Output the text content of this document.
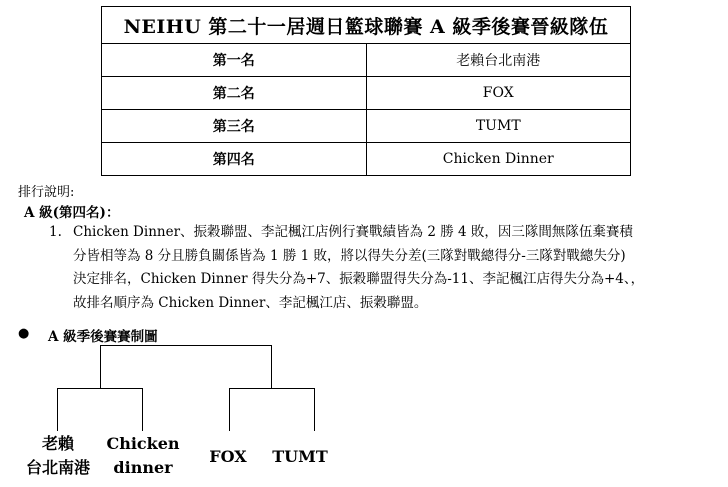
NEIHU 第二十一居週日籃球聯賽 A 級季後賽晉級隊伍	
第一名	老賴台北南港
第二名	FOX
第三名	TUMT
第四名	Chicken Dinner
排行說明:
A 級(第四名)：
1. Chicken Dinner、振穀聯盟、李記楓江店例行賽戰績皆為 2 勝 4 敗，因三隊間無隊伍棄賽積
分皆相等為 8 分且勝負關係皆為 1 勝 1 敗，將以得失分差(三隊對戰總得分-三隊對戰總失分)
決定排名，Chicken Dinner 得失分為+7、振穀聯盟得失分為-11、李記楓江店得失分為+4、，
故排名順序為 Chicken Dinner、李記楓江店、振穀聯盟。
● A 級季後賽賽制圖
老賴
台北南港
Chicken
dinner
FOX	TUMT
